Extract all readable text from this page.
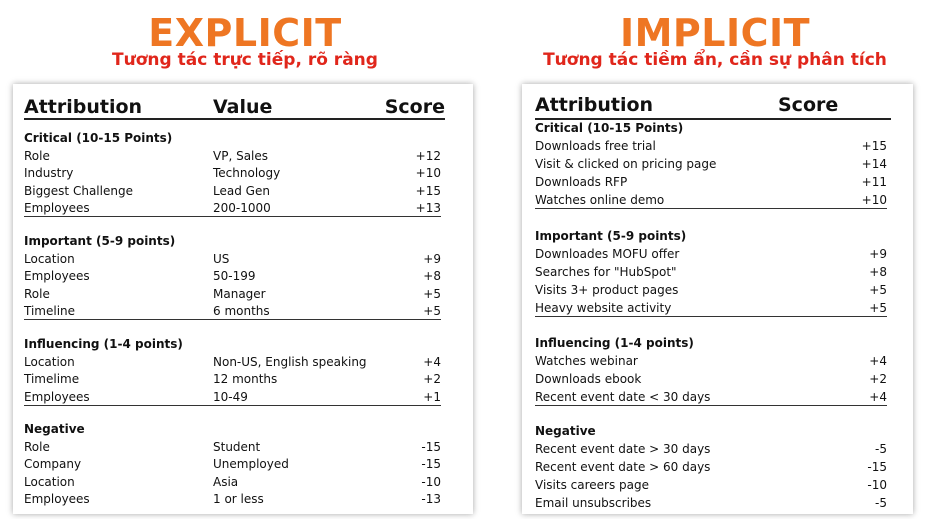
EXPLICIT
Tương tác trực tiếp, rõ ràng
IMPLICIT
Tương tác tiềm ẩn, cần sự phân tích
Attribution	Value	Score
Critical (10-15 Points)
Role	VP, Sales	+12
Industry	Technology	+10
Biggest Challenge	Lead Gen	+15
Employees	200-1000	+13
Important (5-9 points)
Location	US	+9
Employees	50-199	+8
Role	Manager	+5
Timeline	6 months	+5
Influencing (1-4 points)
Location	Non-US, English speaking	+4
Timelime	12 months	+2
Employees	10-49	+1
Negative
Role	Student	-15
Company	Unemployed	-15
Location	Asia	-10
Employees	1 or less	-13
Attribution	Score
Critical (10-15 Points)
Downloads free trial	+15
Visit & clicked on pricing page	+14
Downloads RFP	+11
Watches online demo	+10
Important (5-9 points)
Downloades MOFU offer	+9
Searches for "HubSpot"	+8
Visits 3+ product pages	+5
Heavy website activity	+5
Influencing (1-4 points)
Watches webinar	+4
Downloads ebook	+2
Recent event date < 30 days	+4
Negative
Recent event date > 30 days	-5
Recent event date > 60 days	-15
Visits careers page	-10
Email unsubscribes	-5
